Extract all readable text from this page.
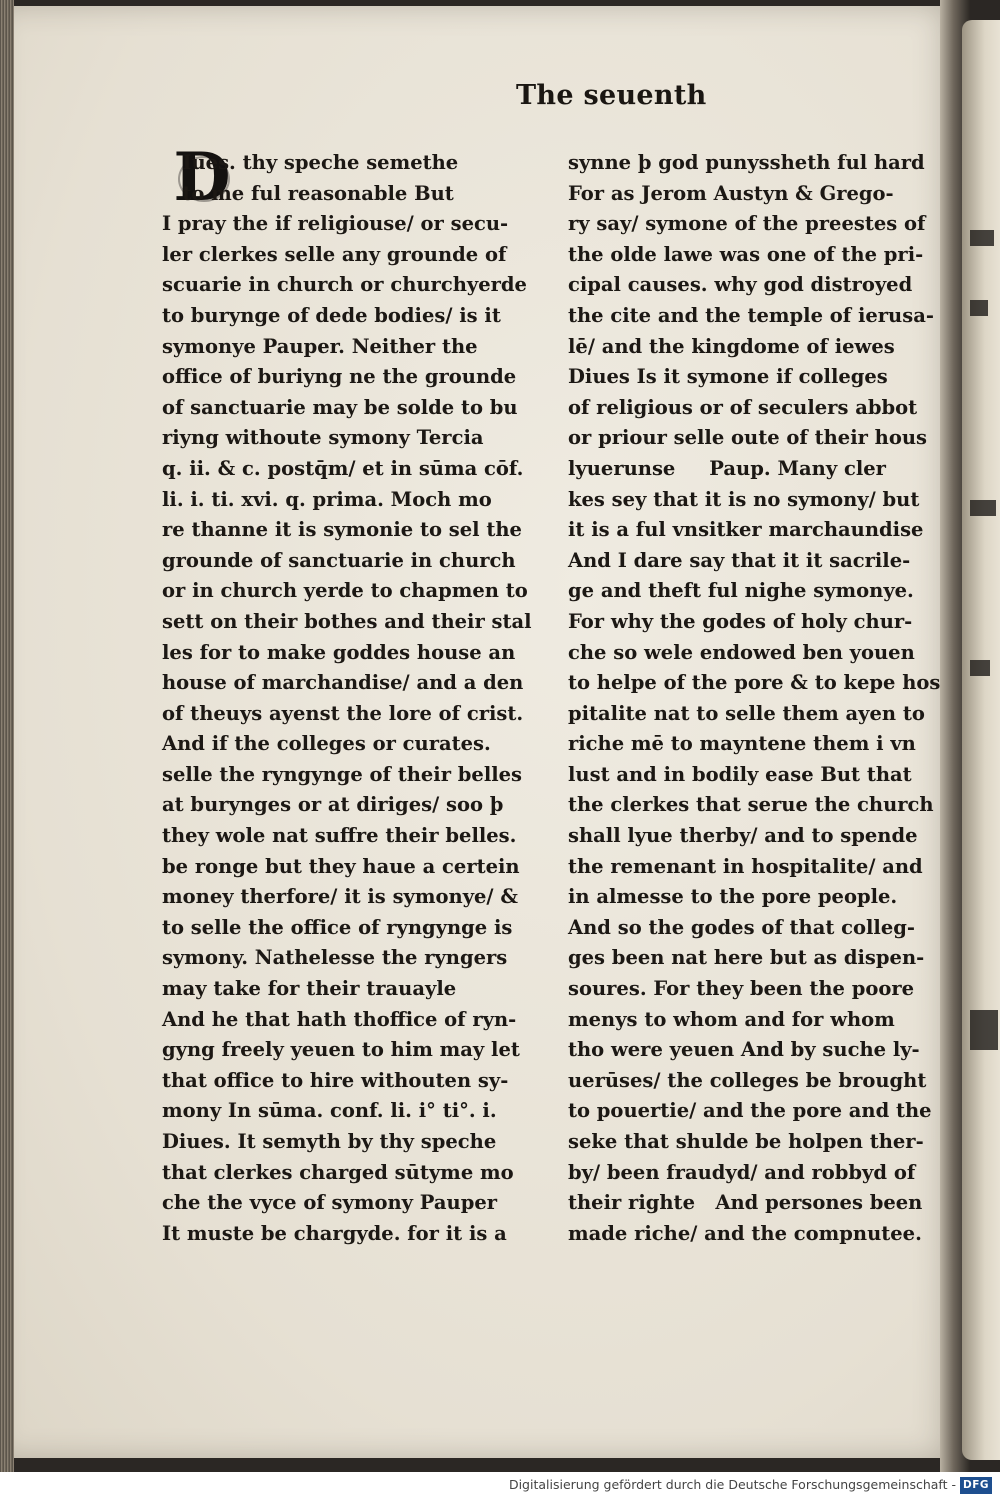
The seuenth
D
Iues. thy speche semethe
to me ful reasonable But
I pray the if religiouse/ or secu-
ler clerkes selle any grounde of
scuarie in church or churchyerde
to burynge of dede bodies/ is it
symonye Pauper. Neither the
office of buriyng ne the grounde
of sanctuarie may be solde to bu
riyng withoute symony Tercia
q. ii. & c. postq̄m/ et in sūma cōf.
li. i. ti. xvi. q. prima. Moch mo
re thanne it is symonie to sel the
grounde of sanctuarie in church
or in church yerde to chapmen to
sett on their bothes and their stal
les for to make goddes house an
house of marchandise/ and a den
of theuys ayenst the lore of crist.
And if the colleges or curates.
selle the ryngynge of their belles
at burynges or at diriges/ soo þ
they wole nat suffre their belles.
be ronge but they haue a certein
money therfore/ it is symonye/ &
to selle the office of ryngynge is
symony. Nathelesse the ryngers
may take for their trauayle
And he that hath thoffice of ryn-
gyng freely yeuen to him may let
that office to hire withouten sy-
mony In sūma. conf. li. i° ti°. i.
Diues. It semyth by thy speche
that clerkes charged sūtyme mo
che the vyce of symony Pauper
It muste be chargyde. for it is a
synne þ god punyssheth ful hard
For as Jerom Austyn & Grego-
ry say/ symone of the preestes of
the olde lawe was one of the pri-
cipal causes. why god distroyed
the cite and the temple of ierusa-
lē/ and the kingdome of iewes
Diues Is it symone if colleges
of religious or of seculers abbot
or priour selle oute of their hous
lyuerunse     Paup. Many cler
kes sey that it is no symony/ but
it is a ful vnsitker marchaundise
And I dare say that it it sacrile-
ge and theft ful nighe symonye.
For why the godes of holy chur-
che so wele endowed ben youen
to helpe of the pore & to kepe hos
pitalite nat to selle them ayen to
riche mē to mayntene them i vn
lust and in bodily ease But that
the clerkes that serue the church
shall lyue therby/ and to spende
the remenant in hospitalite/ and
in almesse to the pore people.
And so the godes of that colleg-
ges been nat here but as dispen-
soures. For they been the poore
menys to whom and for whom
tho were yeuen And by suche ly-
uerūses/ the colleges be brought
to pouertie/ and the pore and the
seke that shulde be holpen ther-
by/ been fraudyd/ and robbyd of
their righte   And persones been
made riche/ and the compnutee.
Digitalisierung gefördert durch die Deutsche Forschungsgemeinschaft - DFG
